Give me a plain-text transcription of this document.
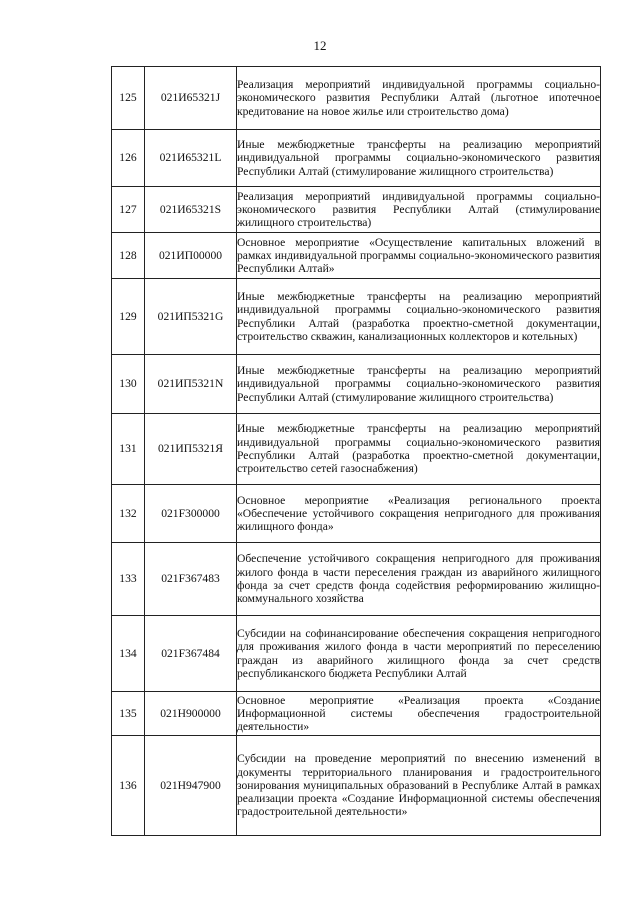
12
125	021И65321J	Реализация мероприятий индивидуальной программы социально-экономического развития Республики Алтай (льготное ипотечное кредитование на новое жилье или строительство дома)
126	021И65321L	Иные межбюджетные трансферты на реализацию мероприятий индивидуальной программы социально-экономического развития Республики Алтай (стимулирование жилищного строительства)
127	021И65321S	Реализация мероприятий индивидуальной программы социально-экономического развития Республики Алтай (стимулирование жилищного строительства)
128	021ИП00000	Основное мероприятие «Осуществление капитальных вложений в рамках индивидуальной программы социально-экономического развития Республики Алтай»
129	021ИП5321G	Иные межбюджетные трансферты на реализацию мероприятий индивидуальной программы социально-экономического развития Республики Алтай (разработка проектно-сметной документации, строительство скважин, канализационных коллекторов и котельных)
130	021ИП5321N	Иные межбюджетные трансферты на реализацию мероприятий индивидуальной программы социально-экономического развития Республики Алтай (стимулирование жилищного строительства)
131	021ИП5321Я	Иные межбюджетные трансферты на реализацию мероприятий индивидуальной программы социально-экономического развития Республики Алтай (разработка проектно-сметной документации, строительство сетей газоснабжения)
132	021F300000	Основное мероприятие «Реализация регионального проекта «Обеспечение устойчивого сокращения непригодного для проживания жилищного фонда»
133	021F367483	Обеспечение устойчивого сокращения непригодного для проживания жилого фонда в части переселения граждан из аварийного жилищного фонда за счет средств фонда содействия реформированию жилищно-коммунального хозяйства
134	021F367484	Субсидии на софинансирование обеспечения сокращения непригодного для проживания жилого фонда в части мероприятий по переселению граждан из аварийного жилищного фонда за счет средств республиканского бюджета Республики Алтай
135	021Н900000	Основное мероприятие «Реализация проекта «Создание Информационной системы обеспечения градостроительной деятельности»
136	021Н947900	Субсидии на проведение мероприятий по внесению изменений в документы территориального планирования и градостроительного зонирования муниципальных образований в Республике Алтай в рамках реализации проекта «Создание Информационной системы обеспечения градостроительной деятельности»
